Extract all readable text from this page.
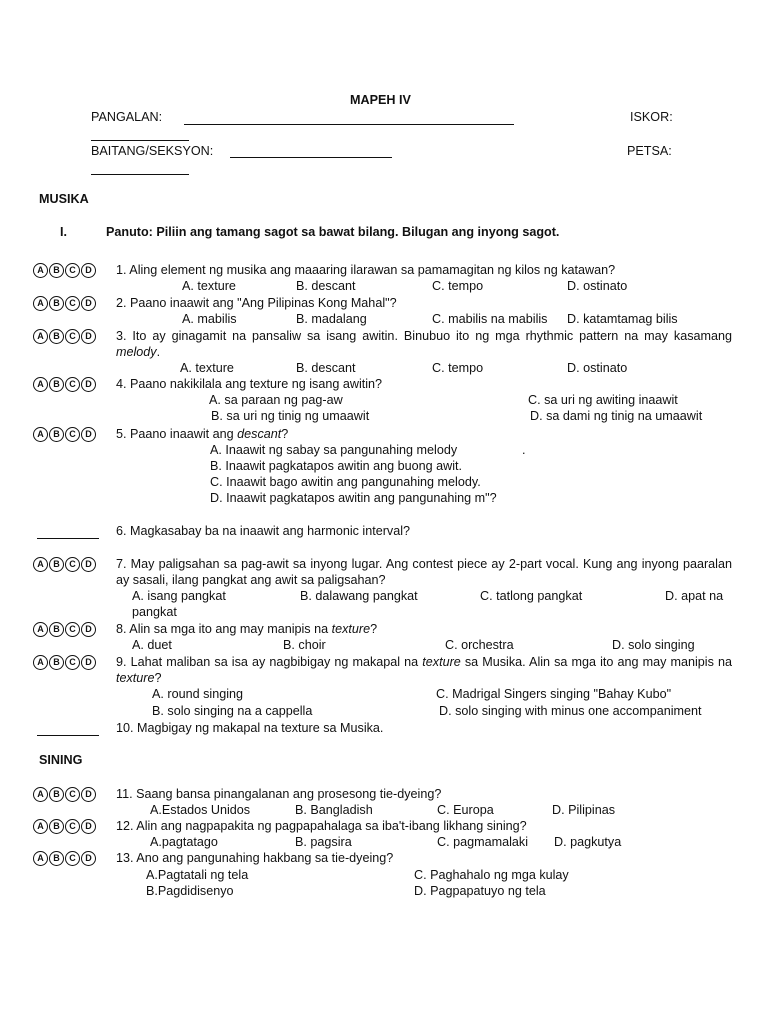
MAPEH IV
PANGALAN:	ISKOR:
BAITANG/SEKSYON:	PETSA:
MUSIKA
I.	Panuto: Piliin ang tamang sagot sa bawat bilang. Bilugan ang inyong sagot.
A	B	C	D	1. Aling element ng musika ang maaaring ilarawan sa pamamagitan ng kilos ng katawan?
A. texture	B. descant	C. tempo	D. ostinato
A	B	C	D	2. Paano inaawit ang "Ang Pilipinas Kong Mahal"?
A. mabilis	B. madalang	C. mabilis na mabilis D. katamtamag bilis
A	B	C	D	3. Ito ay ginagamit na pansaliw sa isang awitin. Binubuo ito ng mga rhythmic pattern na may kasamang melody.
A. texture	B. descant	C. tempo	D. ostinato
A	B	C	D	4. Paano nakikilala ang texture ng isang awitin?
A. sa paraan ng pag-aw	C. sa uri ng awiting inaawit
B. sa uri ng tinig ng umaawit	D. sa dami ng tinig na umaawit
A	B	C	D	5. Paano inaawit ang descant?
A. Inaawit ng sabay sa pangunahing melody	.
B. Inaawit pagkatapos awitin ang buong awit.
C. Inaawit bago awitin ang pangunahing melody.
D. Inaawit pagkatapos awitin ang pangunahing m"?
6. Magkasabay ba na inaawit ang harmonic interval?
A	B	C	D	7. May paligsahan sa pag-awit sa inyong lugar. Ang contest piece ay 2-part vocal. Kung ang inyong paaralan ay sasali, ilang pangkat ang awit sa paligsahan?
A. isang pangkat	B. dalawang pangkat	C. tatlong pangkat	D. apat na
pangkat
A	B	C	D	8. Alin sa mga ito ang may manipis na texture?
A. duet	B. choir	C. orchestra	D. solo singing
A	B	C	D	9. Lahat maliban sa isa ay nagbibigay ng makapal na texture sa Musika. Alin sa mga ito ang may manipis na texture?
A. round singing	C. Madrigal Singers singing "Bahay Kubo"
B. solo singing na a cappella	D. solo singing with minus one accompaniment
10. Magbigay ng makapal na texture sa Musika.
SINING
A	B	C	D	11. Saang bansa pinangalanan ang prosesong tie-dyeing?
A.Estados Unidos	B. Bangladish	C. Europa	D. Pilipinas
A	B	C	D	12. Alin ang nagpapakita ng pagpapahalaga sa iba't-ibang likhang sining?
A.pagtatago	B. pagsira	C. pagmamalaki D. pagkutya
A	B	C	D	13. Ano ang pangunahing hakbang sa tie-dyeing?
A.Pagtatali ng tela	C. Paghahalo ng mga kulay
B.Pagdidisenyo	D. Pagpapatuyo ng tela
